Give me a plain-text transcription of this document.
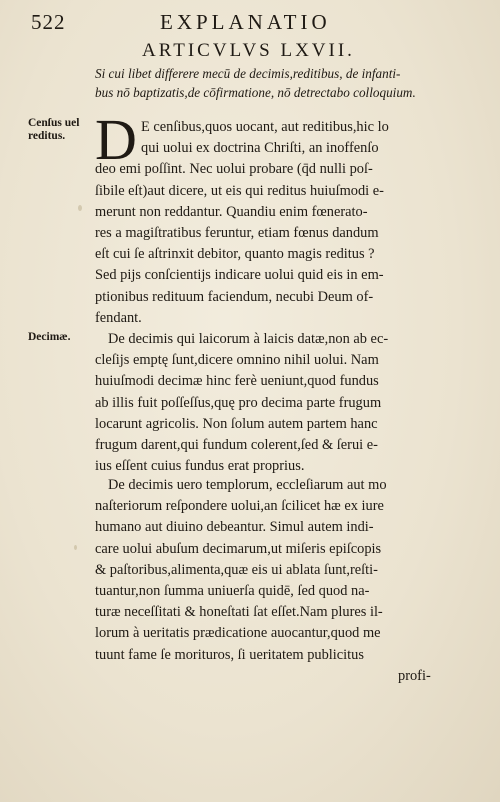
522	EXPLANATIO
ARTICVLVS LXVII.
Si cui libet differere mecū de decimis,reditibus, de infanti-
bus nō baptizatis,de cōfirmatione, nō detrectabo colloquium.
Cenſus uel reditus.
Decimæ.
D E cenſibus,quos uocant, aut reditibus,hic lo
qui uolui ex doctrina Chriſti, an inoffenſo
deo emi poſſint. Nec uolui probare (q̄d nulli poſ-
ſibile eſt)aut dicere, ut eis qui reditus huiuſmodi e-
merunt non reddantur. Quandiu enim fœnerato-
res a magiſtratibus feruntur, etiam fœnus dandum
eſt cui ſe aſtrinxit debitor, quanto magis reditus ?
Sed pijs conſcientijs indicare uolui quid eis in em-
ptionibus redituum faciendum, necubi Deum of-
fendant.
De decimis qui laicorum à laicis datæ,non ab ec-
cleſijs emptę ſunt,dicere omnino nihil uolui. Nam
huiuſmodi decimæ hinc ferè ueniunt,quod fundus
ab illis fuit poſſeſſus,quę pro decima parte frugum
locarunt agricolis. Non ſolum autem partem hanc
frugum darent,qui fundum colerent,ſed & ſerui e-
ius eſſent cuius fundus erat proprius.
De decimis uero templorum, eccleſiarum aut mo
naſteriorum reſpondere uolui,an ſcilicet hæ ex iure
humano aut diuino debeantur. Simul autem indi-
care uolui abuſum decimarum,ut miſeris epiſcopis
& paſtoribus,alimenta,quæ eis ui ablata ſunt,reſti-
tuantur,non ſumma uniuerſa quidē, ſed quod na-
turæ neceſſitati & honeſtati ſat eſſet.Nam plures il-
lorum à ueritatis prædicatione auocantur,quod me
tuunt fame ſe morituros, ſi ueritatem publicitus
profi-
